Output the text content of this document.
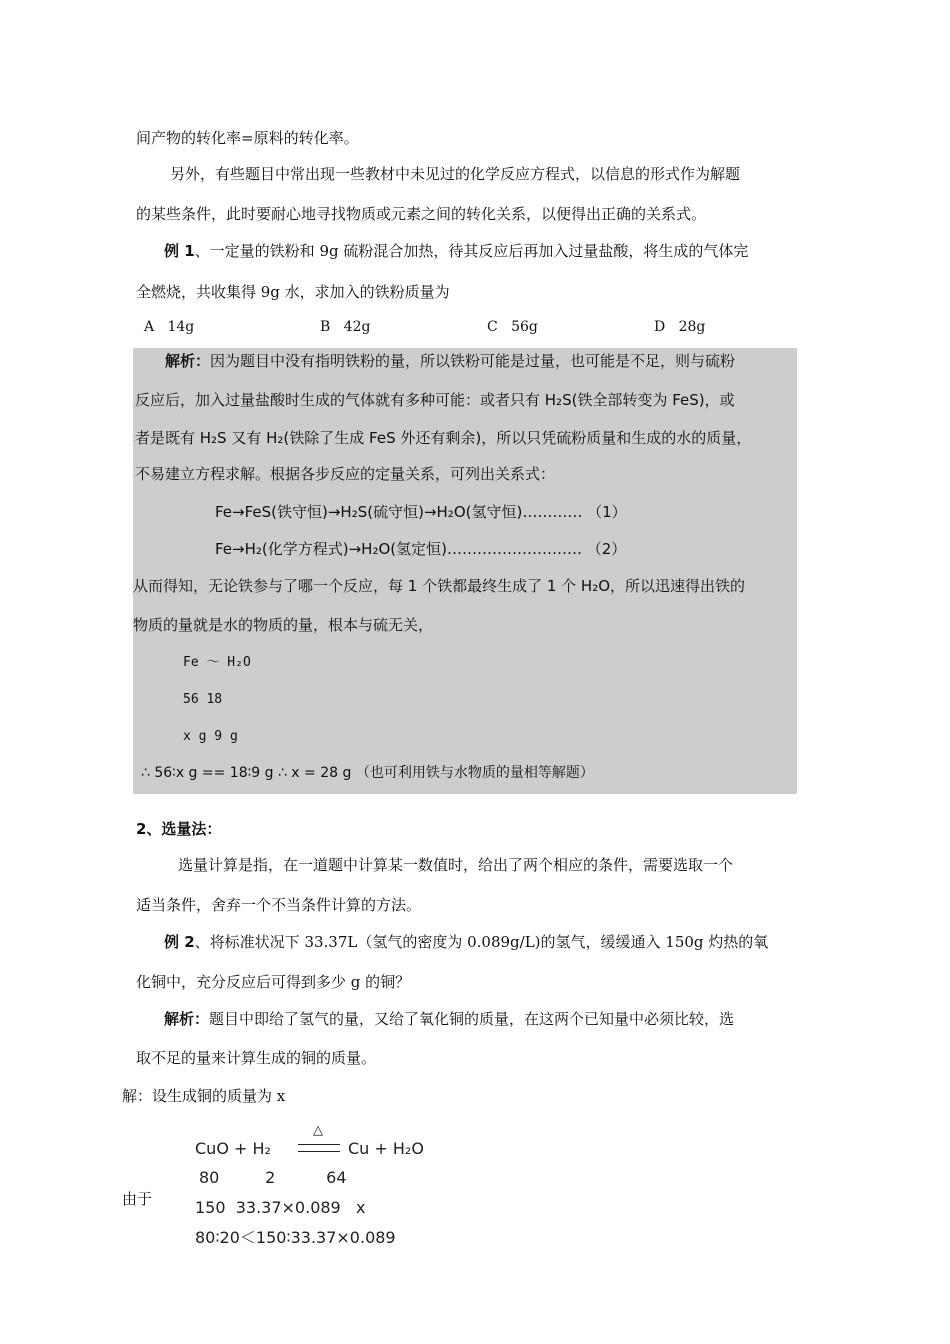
间产物的转化率=原料的转化率。
另外，有些题目中常出现一些教材中未见过的化学反应方程式，以信息的形式作为解题
的某些条件，此时要耐心地寻找物质或元素之间的转化关系，以便得出正确的关系式。
例 1、一定量的铁粉和 9g 硫粉混合加热，待其反应后再加入过量盐酸，将生成的气体完
全燃烧，共收集得 9g 水，求加入的铁粉质量为
A 14g	B 42g	C 56g	D 28g
解析：因为题目中没有指明铁粉的量，所以铁粉可能是过量，也可能是不足，则与硫粉
反应后，加入过量盐酸时生成的气体就有多种可能：或者只有 H₂S(铁全部转变为 FeS)，或
者是既有 H₂S 又有 H₂(铁除了生成 FeS 外还有剩余)，所以只凭硫粉质量和生成的水的质量，
不易建立方程求解。根据各步反应的定量关系，可列出关系式：
Fe→FeS(铁守恒)→H₂S(硫守恒)→H₂O(氢守恒)………… （1）
Fe→H₂(化学方程式)→H₂O(氢定恒)……………………… （2）
从而得知，无论铁参与了哪一个反应，每 1 个铁都最终生成了 1 个 H₂O，所以迅速得出铁的
物质的量就是水的物质的量，根本与硫无关，
Fe ～ H₂O
56 18
x g 9 g
∴ 56∶x g == 18∶9 g ∴ x = 28 g （也可利用铁与水物质的量相等解题）
2、选量法：
选量计算是指，在一道题中计算某一数值时，给出了两个相应的条件，需要选取一个
适当条件，舍弃一个不当条件计算的方法。
例 2、将标准状况下 33.37L（氢气的密度为 0.089g/L)的氢气，缓缓通入 150g 灼热的氧
化铜中，充分反应后可得到多少 g 的铜？
解析：题目中即给了氢气的量，又给了氧化铜的质量，在这两个已知量中必须比较，选
取不足的量来计算生成的铜的质量。
解：设生成铜的质量为 x
由于
CuO + H₂
△
Cu + H₂O
80         2          64
150  33.37×0.089   x
80∶20＜150∶33.37×0.089
